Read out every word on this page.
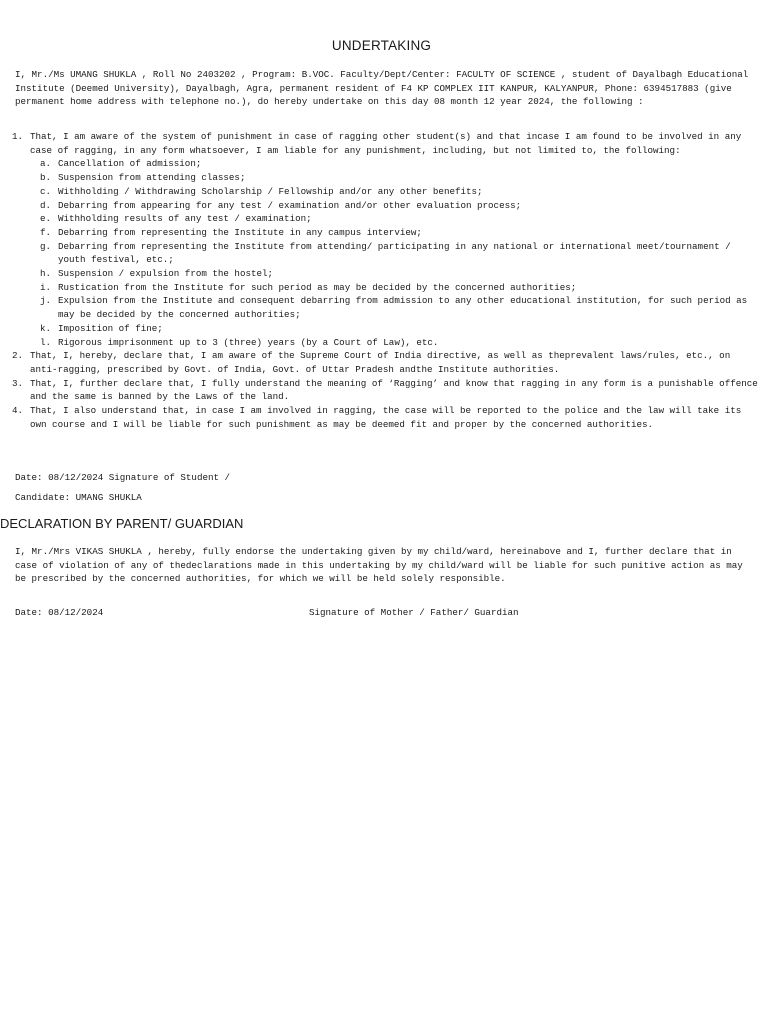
UNDERTAKING

I, Mr./Ms UMANG SHUKLA , Roll No 2403202 , Program: B.VOC. Faculty/Dept/Center: FACULTY OF SCIENCE , student of Dayalbagh Educational Institute (Deemed University), Dayalbagh, Agra, permanent resident of F4 KP COMPLEX IIT KANPUR, KALYANPUR, Phone: 6394517883 (give permanent home address with telephone no.), do hereby undertake on this day 08 month 12 year 2024, the following :

1. That, I am aware of the system of punishment in case of ragging other student(s) and that incase I am found to be involved in any case of ragging, in any form whatsoever, I am liable for any punishment, including, but not limited to, the following:
a. Cancellation of admission;
b. Suspension from attending classes;
c. Withholding / Withdrawing Scholarship / Fellowship and/or any other benefits;
d. Debarring from appearing for any test / examination and/or other evaluation process;
e. Withholding results of any test / examination;
f. Debarring from representing the Institute in any campus interview;
g. Debarring from representing the Institute from attending/ participating in any national or international meet/tournament / youth festival, etc.;
h. Suspension / expulsion from the hostel;
i. Rustication from the Institute for such period as may be decided by the concerned authorities;
j. Expulsion from the Institute and consequent debarring from admission to any other educational institution, for such period as may be decided by the concerned authorities;
k. Imposition of fine;
l. Rigorous imprisonment up to 3 (three) years (by a Court of Law), etc.
2. That, I, hereby, declare that, I am aware of the Supreme Court of India directive, as well as theprevalent laws/rules, etc., on anti-ragging, prescribed by Govt. of India, Govt. of Uttar Pradesh andthe Institute authorities.
3. That, I, further declare that, I fully understand the meaning of ‘Ragging’ and know that ragging in any form is a punishable offence and the same is banned by the Laws of the land.
4. That, I also understand that, in case I am involved in ragging, the case will be reported to the police and the law will take its own course and I will be liable for such punishment as may be deemed fit and proper by the concerned authorities.

Date: 08/12/2024 Signature of Student /

Candidate: UMANG SHUKLA

DECLARATION BY PARENT/ GUARDIAN

I, Mr./Mrs VIKAS SHUKLA , hereby, fully endorse the undertaking given by my child/ward, hereinabove and I, further declare that in case of violation of any of thedeclarations made in this undertaking by my child/ward will be liable for such punitive action as may be prescribed by the concerned authorities, for which we will be held solely responsible.

Date: 08/12/2024	Signature of Mother / Father/ Guardian
